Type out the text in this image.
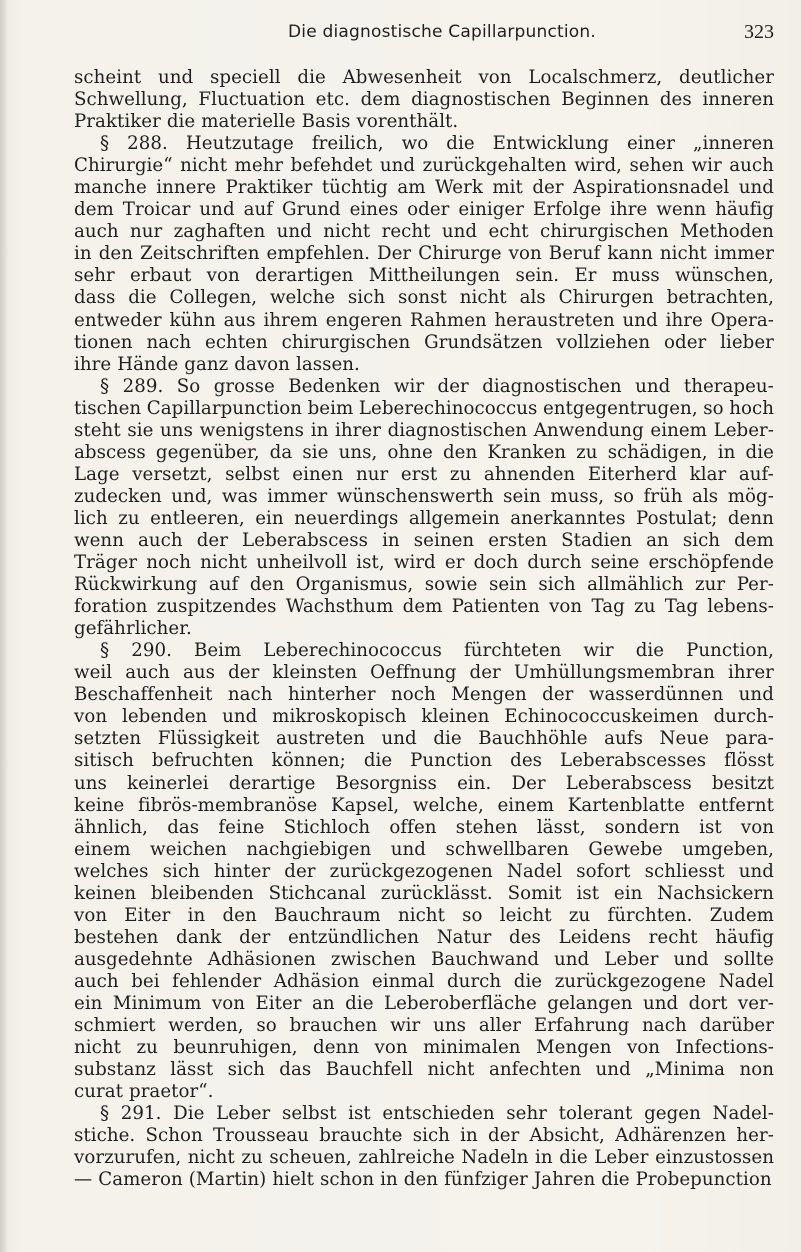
Die diagnostische Capillarpunction.	323
scheint und speciell die Abwesenheit von Localschmerz, deutlicher
Schwellung, Fluctuation etc. dem diagnostischen Beginnen des inneren
Praktiker die materielle Basis vorenthält.
§ 288. Heutzutage freilich, wo die Entwicklung einer „inneren
Chirurgie“ nicht mehr befehdet und zurückgehalten wird, sehen wir auch
manche innere Praktiker tüchtig am Werk mit der Aspirationsnadel und
dem Troicar und auf Grund eines oder einiger Erfolge ihre wenn häufig
auch nur zaghaften und nicht recht und echt chirurgischen Methoden
in den Zeitschriften empfehlen. Der Chirurge von Beruf kann nicht immer
sehr erbaut von derartigen Mittheilungen sein. Er muss wünschen,
dass die Collegen, welche sich sonst nicht als Chirurgen betrachten,
entweder kühn aus ihrem engeren Rahmen heraustreten und ihre Opera-
tionen nach echten chirurgischen Grundsätzen vollziehen oder lieber
ihre Hände ganz davon lassen.
§ 289. So grosse Bedenken wir der diagnostischen und therapeu-
tischen Capillarpunction beim Leberechinococcus entgegentrugen, so hoch
steht sie uns wenigstens in ihrer diagnostischen Anwendung einem Leber-
abscess gegenüber, da sie uns, ohne den Kranken zu schädigen, in die
Lage versetzt, selbst einen nur erst zu ahnenden Eiterherd klar auf-
zudecken und, was immer wünschenswerth sein muss, so früh als mög-
lich zu entleeren, ein neuerdings allgemein anerkanntes Postulat; denn
wenn auch der Leberabscess in seinen ersten Stadien an sich dem
Träger noch nicht unheilvoll ist, wird er doch durch seine erschöpfende
Rückwirkung auf den Organismus, sowie sein sich allmählich zur Per-
foration zuspitzendes Wachsthum dem Patienten von Tag zu Tag lebens-
gefährlicher.
§ 290. Beim Leberechinococcus fürchteten wir die Punction,
weil auch aus der kleinsten Oeffnung der Umhüllungsmembran ihrer
Beschaffenheit nach hinterher noch Mengen der wasserdünnen und
von lebenden und mikroskopisch kleinen Echinococcuskeimen durch-
setzten Flüssigkeit austreten und die Bauchhöhle aufs Neue para-
sitisch befruchten können; die Punction des Leberabscesses flösst
uns keinerlei derartige Besorgniss ein. Der Leberabscess besitzt
keine fibrös-membranöse Kapsel, welche, einem Kartenblatte entfernt
ähnlich, das feine Stichloch offen stehen lässt, sondern ist von
einem weichen nachgiebigen und schwellbaren Gewebe umgeben,
welches sich hinter der zurückgezogenen Nadel sofort schliesst und
keinen bleibenden Stichcanal zurücklässt. Somit ist ein Nachsickern
von Eiter in den Bauchraum nicht so leicht zu fürchten. Zudem
bestehen dank der entzündlichen Natur des Leidens recht häufig
ausgedehnte Adhäsionen zwischen Bauchwand und Leber und sollte
auch bei fehlender Adhäsion einmal durch die zurückgezogene Nadel
ein Minimum von Eiter an die Leberoberfläche gelangen und dort ver-
schmiert werden, so brauchen wir uns aller Erfahrung nach darüber
nicht zu beunruhigen, denn von minimalen Mengen von Infections-
substanz lässt sich das Bauchfell nicht anfechten und „Minima non
curat praetor“.
§ 291. Die Leber selbst ist entschieden sehr tolerant gegen Nadel-
stiche. Schon Trousseau brauchte sich in der Absicht, Adhärenzen her-
vorzurufen, nicht zu scheuen, zahlreiche Nadeln in die Leber einzustossen
— Cameron (Martin) hielt schon in den fünfziger Jahren die Probepunction
